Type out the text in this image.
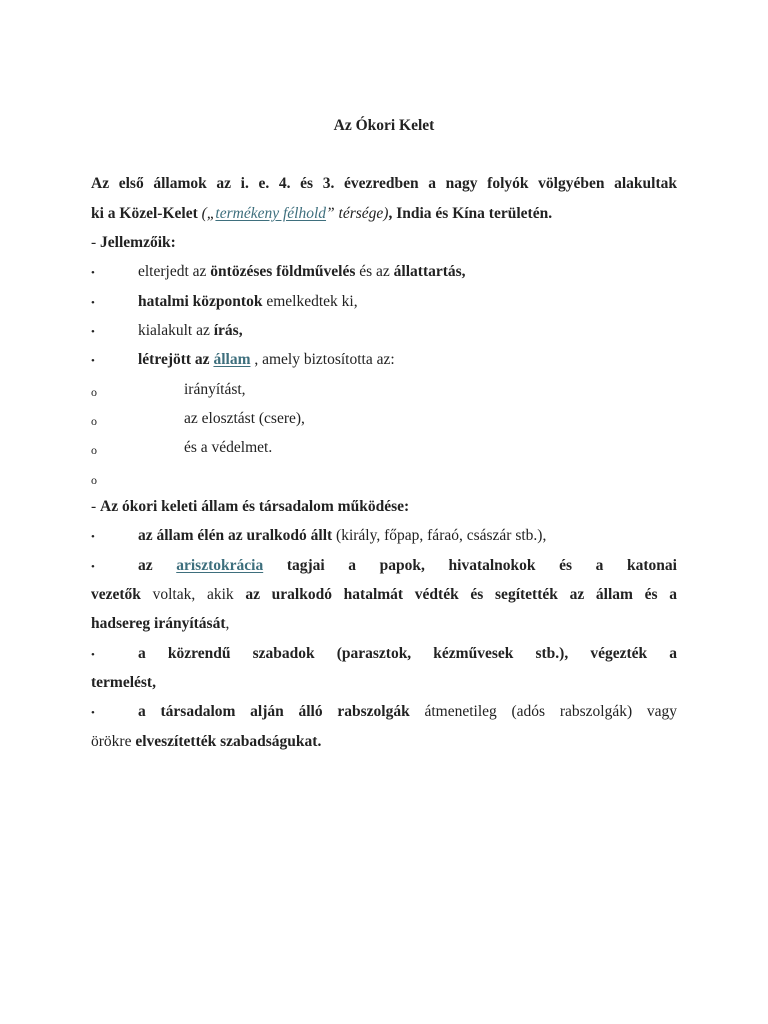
Az Ókori Kelet
Az első államok az i. e. 4. és 3. évezredben a nagy folyók völgyében alakultak
ki a Közel-Kelet („termékeny félhold” térsége), India és Kína területén.
- Jellemzőik:
•	elterjedt az öntözéses földművelés és az állattartás,
•	hatalmi központok emelkedtek ki,
•	kialakult az írás,
•	létrejött az állam , amely biztosította az:
o	irányítást,
o	az elosztást (csere),
o	és a védelmet.
o
- Az ókori keleti állam és társadalom működése:
•	az állam élén az uralkodó állt (király, főpap, fáraó, császár stb.),
•	az arisztokrácia tagjai a papok, hivatalnokok és a katonai
vezetők voltak, akik az uralkodó hatalmát védték és segítették az állam és a
hadsereg irányítását,
•	a közrendű szabadok (parasztok, kézművesek stb.), végezték a
termelést,
•	a társadalom alján álló rabszolgák átmenetileg (adós rabszolgák) vagy
örökre elveszítették szabadságukat.
